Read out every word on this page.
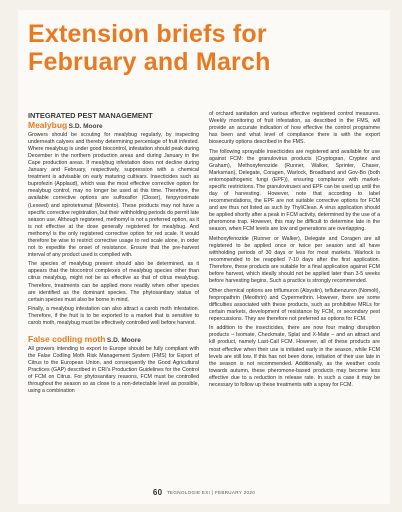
Extension briefs for
February and March
INTEGRATED PEST MANAGEMENT
Mealybug S.D. Moore

Growers should be scouting for mealybug regularly, by inspecting underneath calyxes and thereby determining percentage of fruit infested. Where mealybug is under good biocontrol, infestation should peak during December in the northern production areas and during January in the Cape production areas. If mealybug infestation does not decline during January and February, respectively, suppression with a chemical treatment is advisable on early maturing cultivars. Insecticides such as buprofezin (Applaud), which was the most effective corrective option for mealybug control, may no longer be used at this time. Therefore, the available corrective options are sulfoxaflor (Closer), fenpyroximate (Lexeed) and spirotetramat (Movento). These products may not have a specific corrective registration, but their withholding periods do permit late season use. Although registered, methomyl is not a preferred option, as it is not effective at the dose generally registered for mealybug. And methomyl is the only registered corrective option for red scale. It would therefore be wise to restrict corrective usage to red scale alone, in order not to expedite the onset of resistance. Ensure that the pre-harvest interval of any product used is complied with.

The species of mealybug present should also be determined, as it appears that the biocontrol complexes of mealybug species other than citrus mealybug, might not be as effective as that of citrus mealybug. Therefore, treatments can be applied more readily when other species are identified as the dominant species. The phytosanitary status of certain species must also be borne in mind.

Finally, a mealybug infestation can also attract a carob moth infestation. Therefore, if the fruit is to be exported to a market that is sensitive to carob moth, mealybug must be effectively controlled well before harvest.

False codling moth S.D. Moore

All growers intending to export to Europe should be fully compliant with the False Codling Moth Risk Management System (FMS) for Export of Citrus to the European Union, and consequently the Good Agricultural Practices (GAP) described in CRI's Production Guidelines for the Control of FCM on Citrus. For phytosanitary reasons, FCM must be controlled throughout the season so as close to a non-detectable level as possible, using a combination

of orchard sanitation and various effective registered control measures. Weekly monitoring of fruit infestation, as described in the FMS, will provide an accurate indication of how effective the control programme has been and what level of compliance there is with the export biosecurity options described in the FMS.

The following sprayable insecticides are registered and available for use against FCM: the granulovirus products (Cryptogran, Cryptex and Graham), Methoxyfenozide (Runner, Walker, Sprinter, Chaser, Marksman), Delegate, Coragen, Warlock, Broadband and Gov-Bo (both entomopathogenic fungi (EPF)), ensuring compliance with market-specific restrictions. The granuloviruses and EPF can be used up until the day of harvesting. However, note that according to label recommendations, the EPF are not suitable corrective options for FCM and are thus not listed as such by ThyliClean. A virus application should be applied shortly after a peak in FCM activity, determined by the use of a pheromone trap. However, this may be difficult to determine late in the season, when FCM levels are low and generations are overlapping.

Methoxyfenozide (Runner or Walker), Delegate and Coragen are all registered to be applied once or twice per season and all have withholding periods of 30 days or less for most markets. Warlock is recommended to be reapplied 7-10 days after the first application. Therefore, these products are suitable for a final application against FCM before harvest, which ideally should not be applied later than 3-5 weeks before harvesting begins. Such a practice is strongly recommended.

Other chemical options are triflumuron (Alsystin), teflubenzuron (Nomolt), fenpropathrin (Meothrin) and Cypermethrin. However, there are some difficulties associated with these products, such as prohibitive MRLs for certain markets, development of resistance by FCM, or secondary pest repercussions. They are therefore not preferred as options for FCM.

In addition to the insecticides, there are now four mating disruption products – Isomate, Checkmate, Splat and X-Mate – and an attract and kill product, namely Last-Call FCM. However, all of these products are most effective when their use is initiated early in the season, while FCM levels are still low. If this has not been done, initiation of their use late in the season is not recommended. Additionally, as the weather cools towards autumn, these pheromone-based products may become less effective due to a reduction in release rate. In such a case it may be necessary to follow up these treatments with a spray for FCM.

60 TEGNOLOGIE EXI | FEBRUARY 2020
